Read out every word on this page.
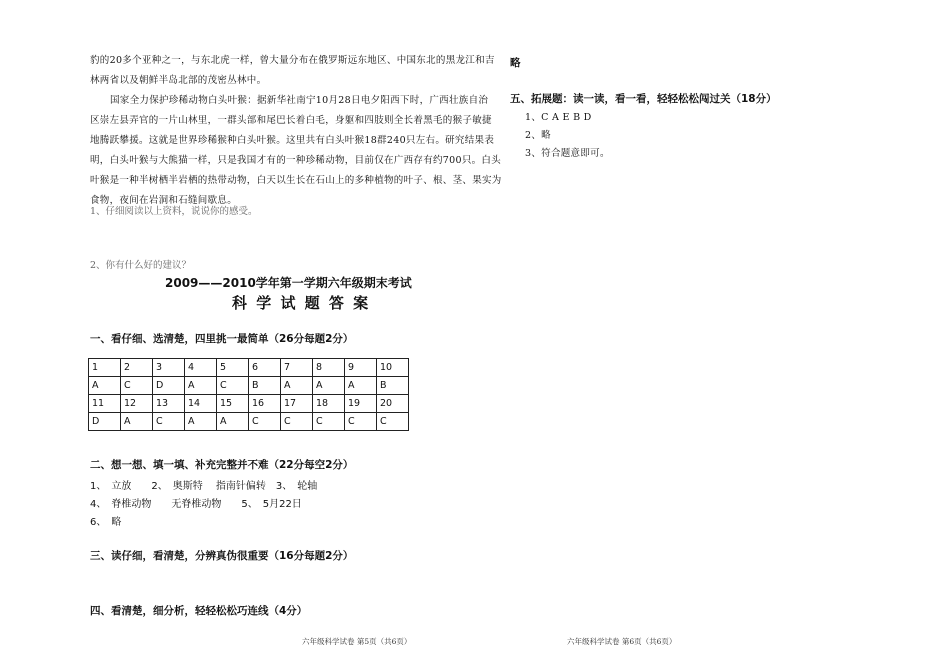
豹的20多个亚种之一，与东北虎一样，曾大量分布在俄罗斯远东地区、中国东北的黑龙江和吉
林两省以及朝鲜半岛北部的茂密丛林中。
国家全力保护珍稀动物白头叶猴：据新华社南宁10月28日电夕阳西下时，广西壮族自治
区崇左县弄官的一片山林里，一群头部和尾巴长着白毛，身躯和四肢则全长着黑毛的猴子敏捷
地腾跃攀援。这就是世界珍稀猴种白头叶猴。这里共有白头叶猴18群240只左右。研究结果表
明，白头叶猴与大熊猫一样，只是我国才有的一种珍稀动物，目前仅在广西存有约700只。白头
叶猴是一种半树栖半岩栖的热带动物，白天以生长在石山上的多种植物的叶子、根、茎、果实为
食物，夜间在岩洞和石缝间歇息。
1、仔细阅读以上资料，说说你的感受。
2、你有什么好的建议？
2009——2010学年第一学期六年级期末考试
科 学 试 题 答 案
一、看仔细、选清楚，四里挑一最简单（26分每题2分）
1	2	3	4	5	6	7	8	9	10
A	C	D	A	C	B	A	A	A	B
11	12	13	14	15	16	17	18	19	20
D	A	C	A	A	C	C	C	C	C
二、想一想、填一填、补充完整并不难（22分每空2分）
1、　立放　　2、　奥斯特　 指南针偏转　3、　轮轴
4、　脊椎动物　　无脊椎动物　　5、　5月22日
6、　略
三、读仔细，看清楚，分辨真伪很重要（16分每题2分）
四、看清楚，细分析，轻轻松松巧连线（4分）
六年级科学试卷 第5页（共6页）
略
五、拓展题：读一读，看一看，轻轻松松闯过关（18分）
1、C A E B D
2、略
3、符合题意即可。
六年级科学试卷 第6页（共6页）
